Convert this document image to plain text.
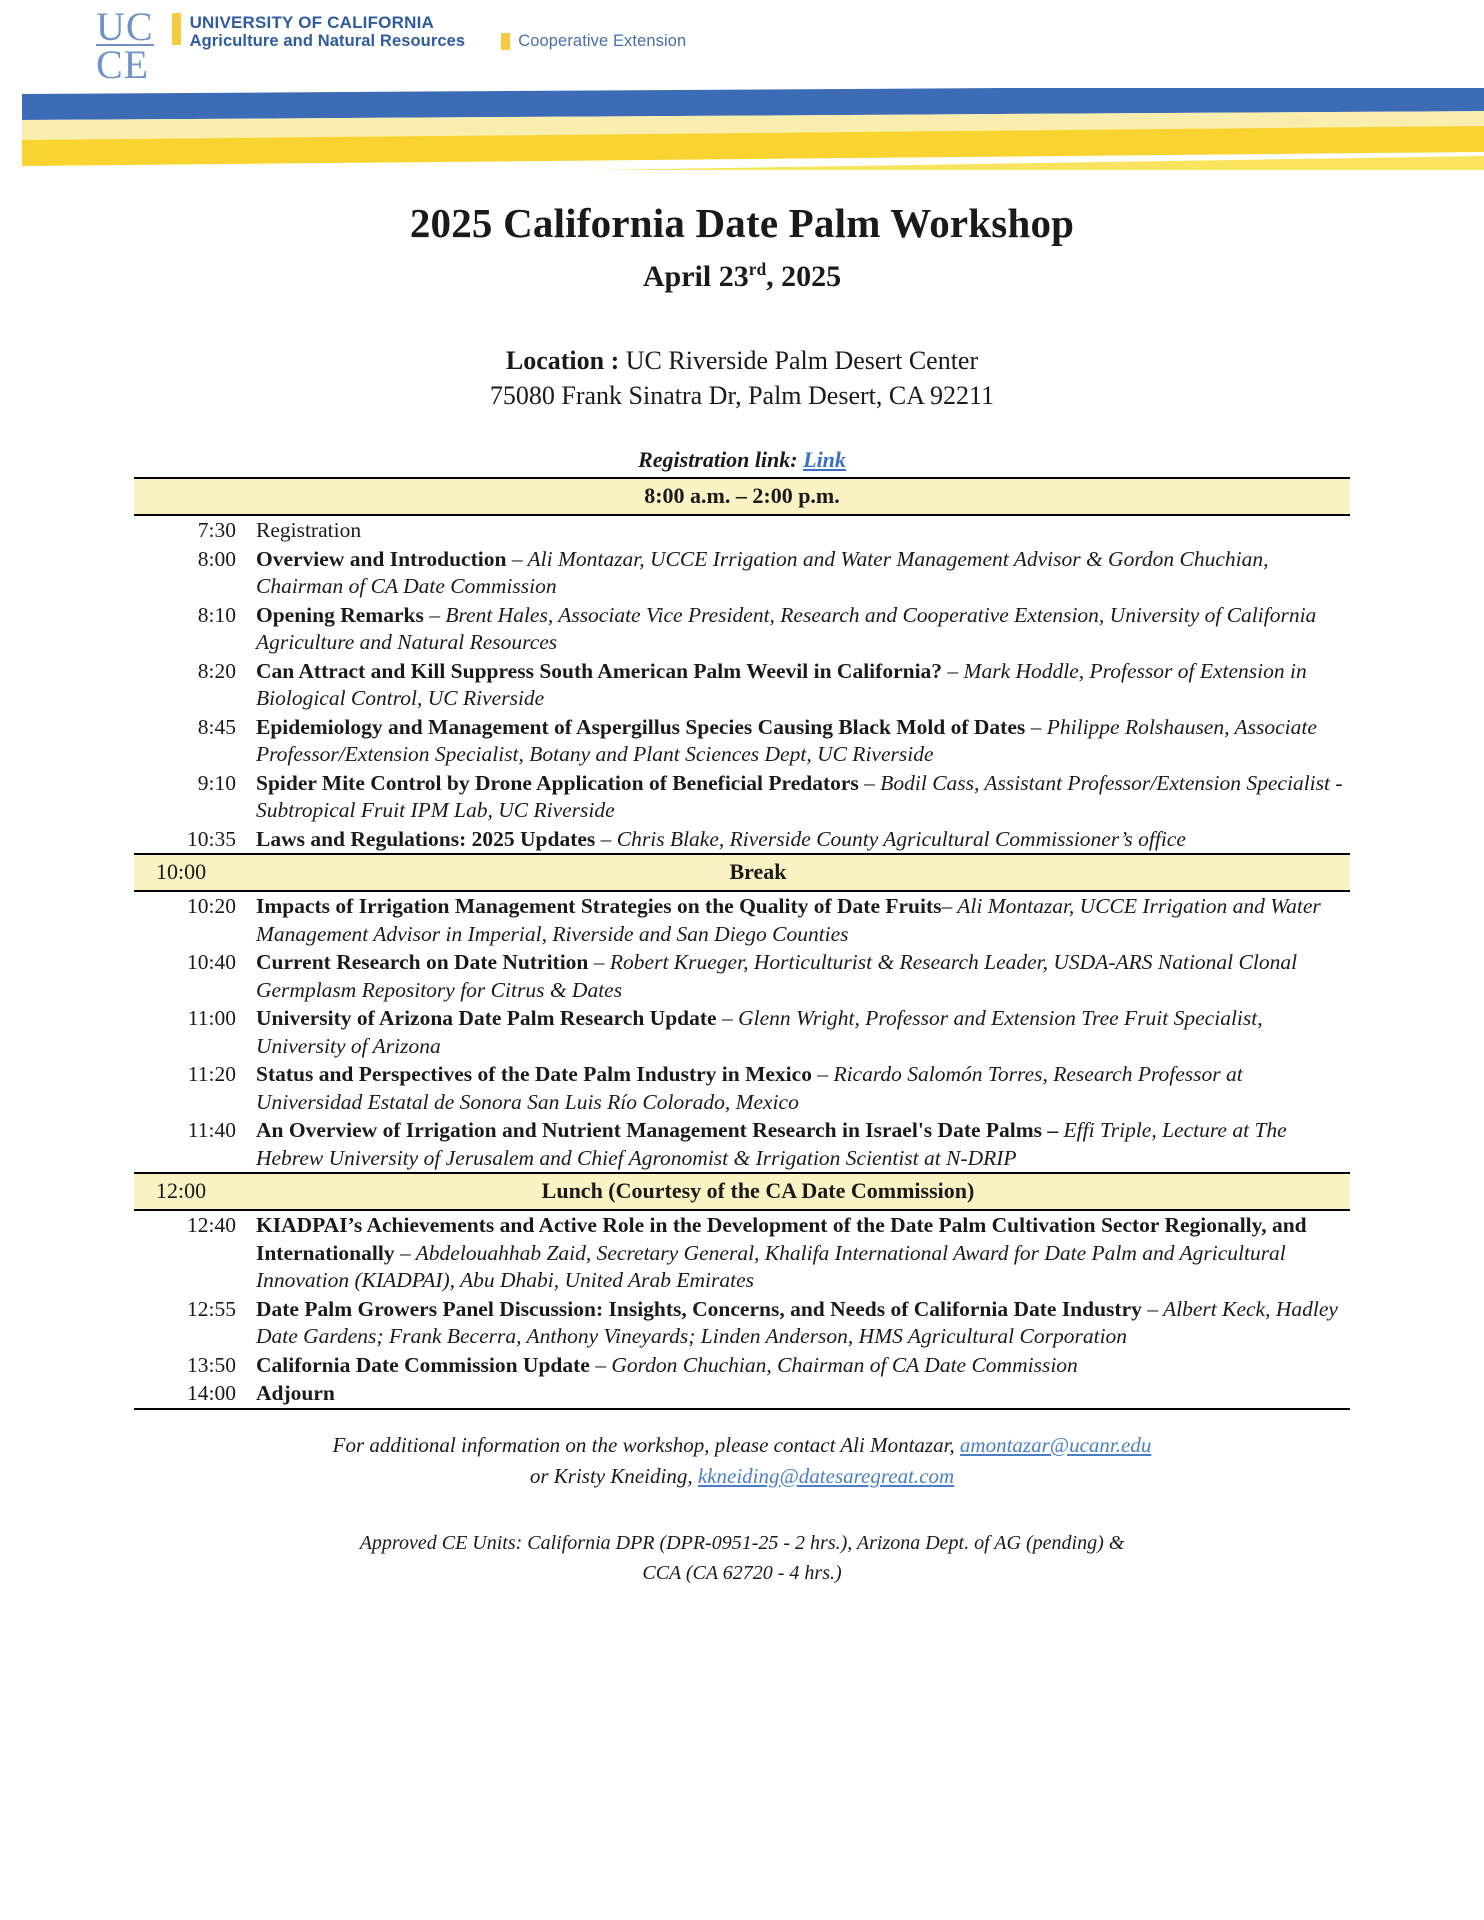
UC
CE
UNIVERSITY OF CALIFORNIA
Agriculture and Natural Resources	Cooperative Extension
2025 California Date Palm Workshop
April 23rd, 2025
Location : UC Riverside Palm Desert Center
75080 Frank Sinatra Dr, Palm Desert, CA 92211
Registration link: Link
8:00 a.m. – 2:00 p.m.	
7:30	Registration
8:00	Overview and Introduction – Ali Montazar, UCCE Irrigation and Water Management Advisor & Gordon Chuchian, Chairman of CA Date Commission
8:10	Opening Remarks – Brent Hales, Associate Vice President, Research and Cooperative Extension, University of California Agriculture and Natural Resources
8:20	Can Attract and Kill Suppress South American Palm Weevil in California? – Mark Hoddle, Professor of Extension in Biological Control, UC Riverside
8:45	Epidemiology and Management of Aspergillus Species Causing Black Mold of Dates – Philippe Rolshausen, Associate Professor/Extension Specialist, Botany and Plant Sciences Dept, UC Riverside
9:10	Spider Mite Control by Drone Application of Beneficial Predators – Bodil Cass, Assistant Professor/Extension Specialist - Subtropical Fruit IPM Lab, UC Riverside
10:35	Laws and Regulations: 2025 Updates – Chris Blake, Riverside County Agricultural Commissioner’s office
10:00	Break
10:20	Impacts of Irrigation Management Strategies on the Quality of Date Fruits– Ali Montazar, UCCE Irrigation and Water Management Advisor in Imperial, Riverside and San Diego Counties
10:40	Current Research on Date Nutrition – Robert Krueger, Horticulturist & Research Leader, USDA-ARS National Clonal Germplasm Repository for Citrus & Dates
11:00	University of Arizona Date Palm Research Update – Glenn Wright, Professor and Extension Tree Fruit Specialist, University of Arizona
11:20	Status and Perspectives of the Date Palm Industry in Mexico – Ricardo Salomón Torres, Research Professor at Universidad Estatal de Sonora San Luis Río Colorado, Mexico
11:40	An Overview of Irrigation and Nutrient Management Research in Israel's Date Palms – Effi Triple, Lecture at The Hebrew University of Jerusalem and Chief Agronomist & Irrigation Scientist at N-DRIP
12:00	Lunch (Courtesy of the CA Date Commission)
12:40	KIADPAI’s Achievements and Active Role in the Development of the Date Palm Cultivation Sector Regionally, and Internationally – Abdelouahhab Zaid, Secretary General, Khalifa International Award for Date Palm and Agricultural Innovation (KIADPAI), Abu Dhabi, United Arab Emirates
12:55	Date Palm Growers Panel Discussion: Insights, Concerns, and Needs of California Date Industry – Albert Keck, Hadley Date Gardens; Frank Becerra, Anthony Vineyards; Linden Anderson, HMS Agricultural Corporation
13:50	California Date Commission Update – Gordon Chuchian, Chairman of CA Date Commission
14:00	Adjourn

For additional information on the workshop, please contact Ali Montazar, amontazar@ucanr.edu
or Kristy Kneiding, kkneiding@datesaregreat.com
Approved CE Units: California DPR (DPR-0951-25 - 2 hrs.), Arizona Dept. of AG (pending) &
CCA (CA 62720 - 4 hrs.)
